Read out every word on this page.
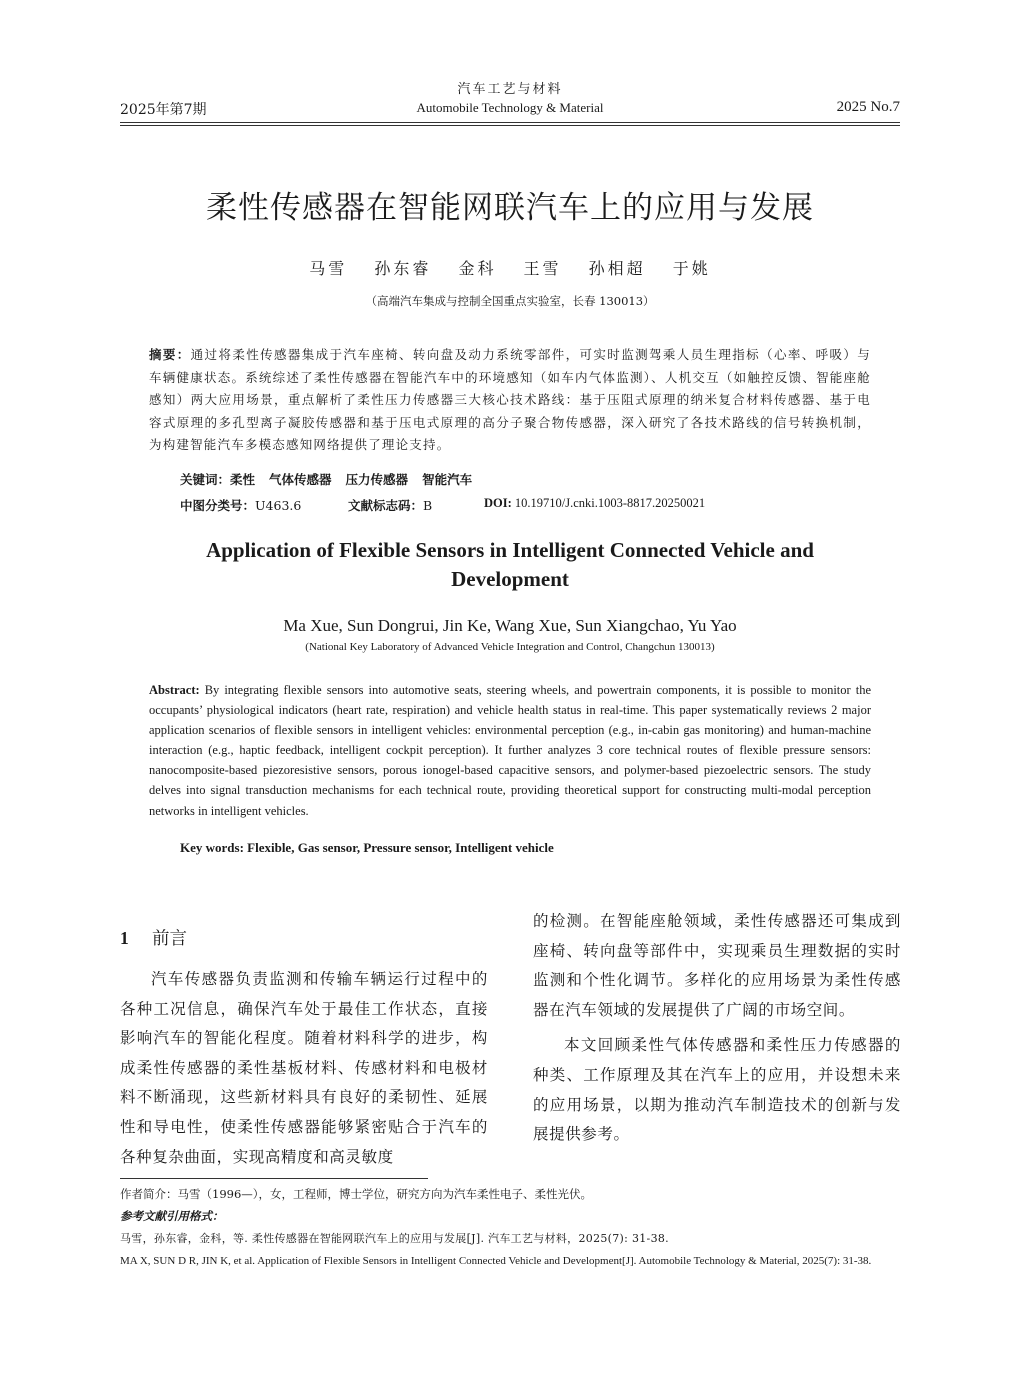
汽车工艺与材料
Automobile Technology & Material
2025年第7期	2025 No.7
柔性传感器在智能网联汽车上的应用与发展
马雪 孙东睿 金科 王雪 孙相超 于姚
（高端汽车集成与控制全国重点实验室，长春 130013）
摘要：通过将柔性传感器集成于汽车座椅、转向盘及动力系统零部件，可实时监测驾乘人员生理指标（心率、呼吸）与车辆健康状态。系统综述了柔性传感器在智能汽车中的环境感知（如车内气体监测）、人机交互（如触控反馈、智能座舱感知）两大应用场景，重点解析了柔性压力传感器三大核心技术路线：基于压阻式原理的纳米复合材料传感器、基于电容式原理的多孔型离子凝胶传感器和基于压电式原理的高分子聚合物传感器，深入研究了各技术路线的信号转换机制，为构建智能汽车多模态感知网络提供了理论支持。
关键词：柔性 气体传感器 压力传感器 智能汽车
中图分类号：U463.6	文献标志码：B	DOI: 10.19710/J.cnki.1003-8817.20250021
Application of Flexible Sensors in Intelligent Connected Vehicle and Development
Ma Xue, Sun Dongrui, Jin Ke, Wang Xue, Sun Xiangchao, Yu Yao
(National Key Laboratory of Advanced Vehicle Integration and Control, Changchun 130013)
Abstract: By integrating flexible sensors into automotive seats, steering wheels, and powertrain components, it is possible to monitor the occupants’ physiological indicators (heart rate, respiration) and vehicle health status in real-time. This paper systematically reviews 2 major application scenarios of flexible sensors in intelligent vehicles: environmental perception (e.g., in-cabin gas monitoring) and human-machine interaction (e.g., haptic feedback, intelligent cockpit perception). It further analyzes 3 core technical routes of flexible pressure sensors: nanocomposite-based piezoresistive sensors, porous ionogel-based capacitive sensors, and polymer-based piezoelectric sensors. The study delves into signal transduction mechanisms for each technical route, providing theoretical support for constructing multi-modal perception networks in intelligent vehicles.
Key words: Flexible, Gas sensor, Pressure sensor, Intelligent vehicle
1 前言

汽车传感器负责监测和传输车辆运行过程中的各种工况信息，确保汽车处于最佳工作状态，直接影响汽车的智能化程度。随着材料科学的进步，构成柔性传感器的柔性基板材料、传感材料和电极材料不断涌现，这些新材料具有良好的柔韧性、延展性和导电性，使柔性传感器能够紧密贴合于汽车的各种复杂曲面，实现高精度和高灵敏度

的检测。在智能座舱领域，柔性传感器还可集成到座椅、转向盘等部件中，实现乘员生理数据的实时监测和个性化调节。多样化的应用场景为柔性传感器在汽车领域的发展提供了广阔的市场空间。

本文回顾柔性气体传感器和柔性压力传感器的种类、工作原理及其在汽车上的应用，并设想未来的应用场景，以期为推动汽车制造技术的创新与发展提供参考。

作者简介：马雪（1996—），女，工程师，博士学位，研究方向为汽车柔性电子、柔性光伏。
参考文献引用格式：
马雪，孙东睿，金科，等. 柔性传感器在智能网联汽车上的应用与发展[J]. 汽车工艺与材料，2025(7): 31-38.
MA X, SUN D R, JIN K, et al. Application of Flexible Sensors in Intelligent Connected Vehicle and Development[J]. Automobile Technology & Material, 2025(7): 31-38.
